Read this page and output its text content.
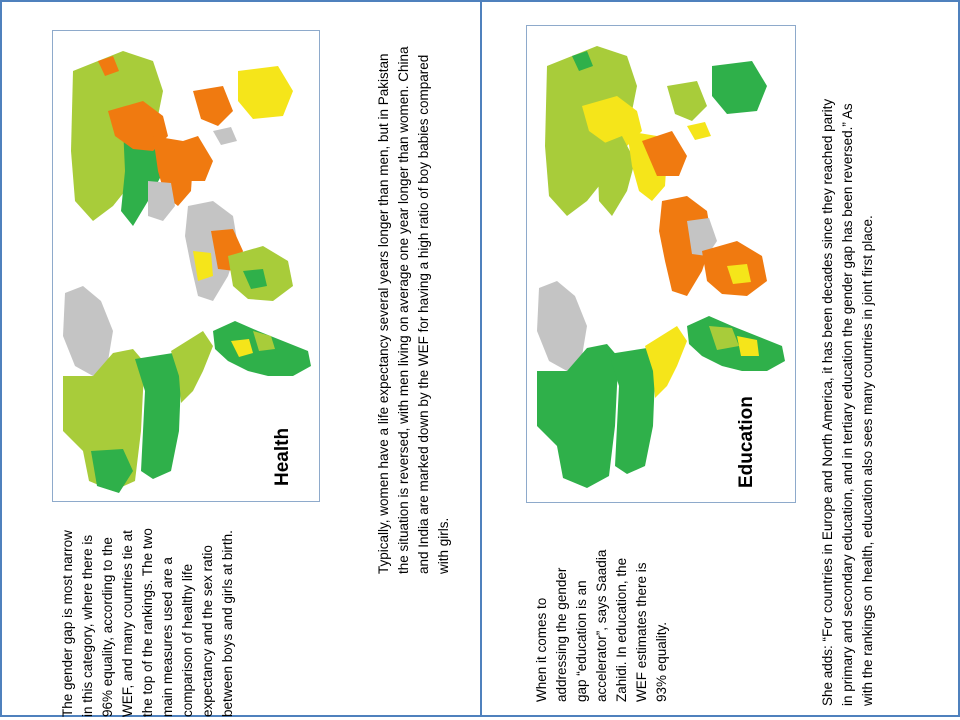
Health
The gender gap is most narrow in this category, where there is 96% equality, according to the WEF, and many countries tie at the top of the rankings. The two main measures used are a comparison of healthy life expectancy and the sex ratio between boys and girls at birth.
Typically, women have a life expectancy several years longer than men, but in Pakistan the situation is reversed, with men living on average one year longer than women. China and India are marked down by the WEF for having a high ratio of boy babies compared with girls.
Education
When it comes to addressing the gender gap “education is an accelerator”, says Saadia Zahidi. In education, the WEF estimates there is 93% equality.	She adds: “For countries in Europe and North America, it has been decades since they reached parity in primary and secondary education, and in tertiary education the gender gap has been reversed.” As with the rankings on health, education also sees many countries in joint first place.
